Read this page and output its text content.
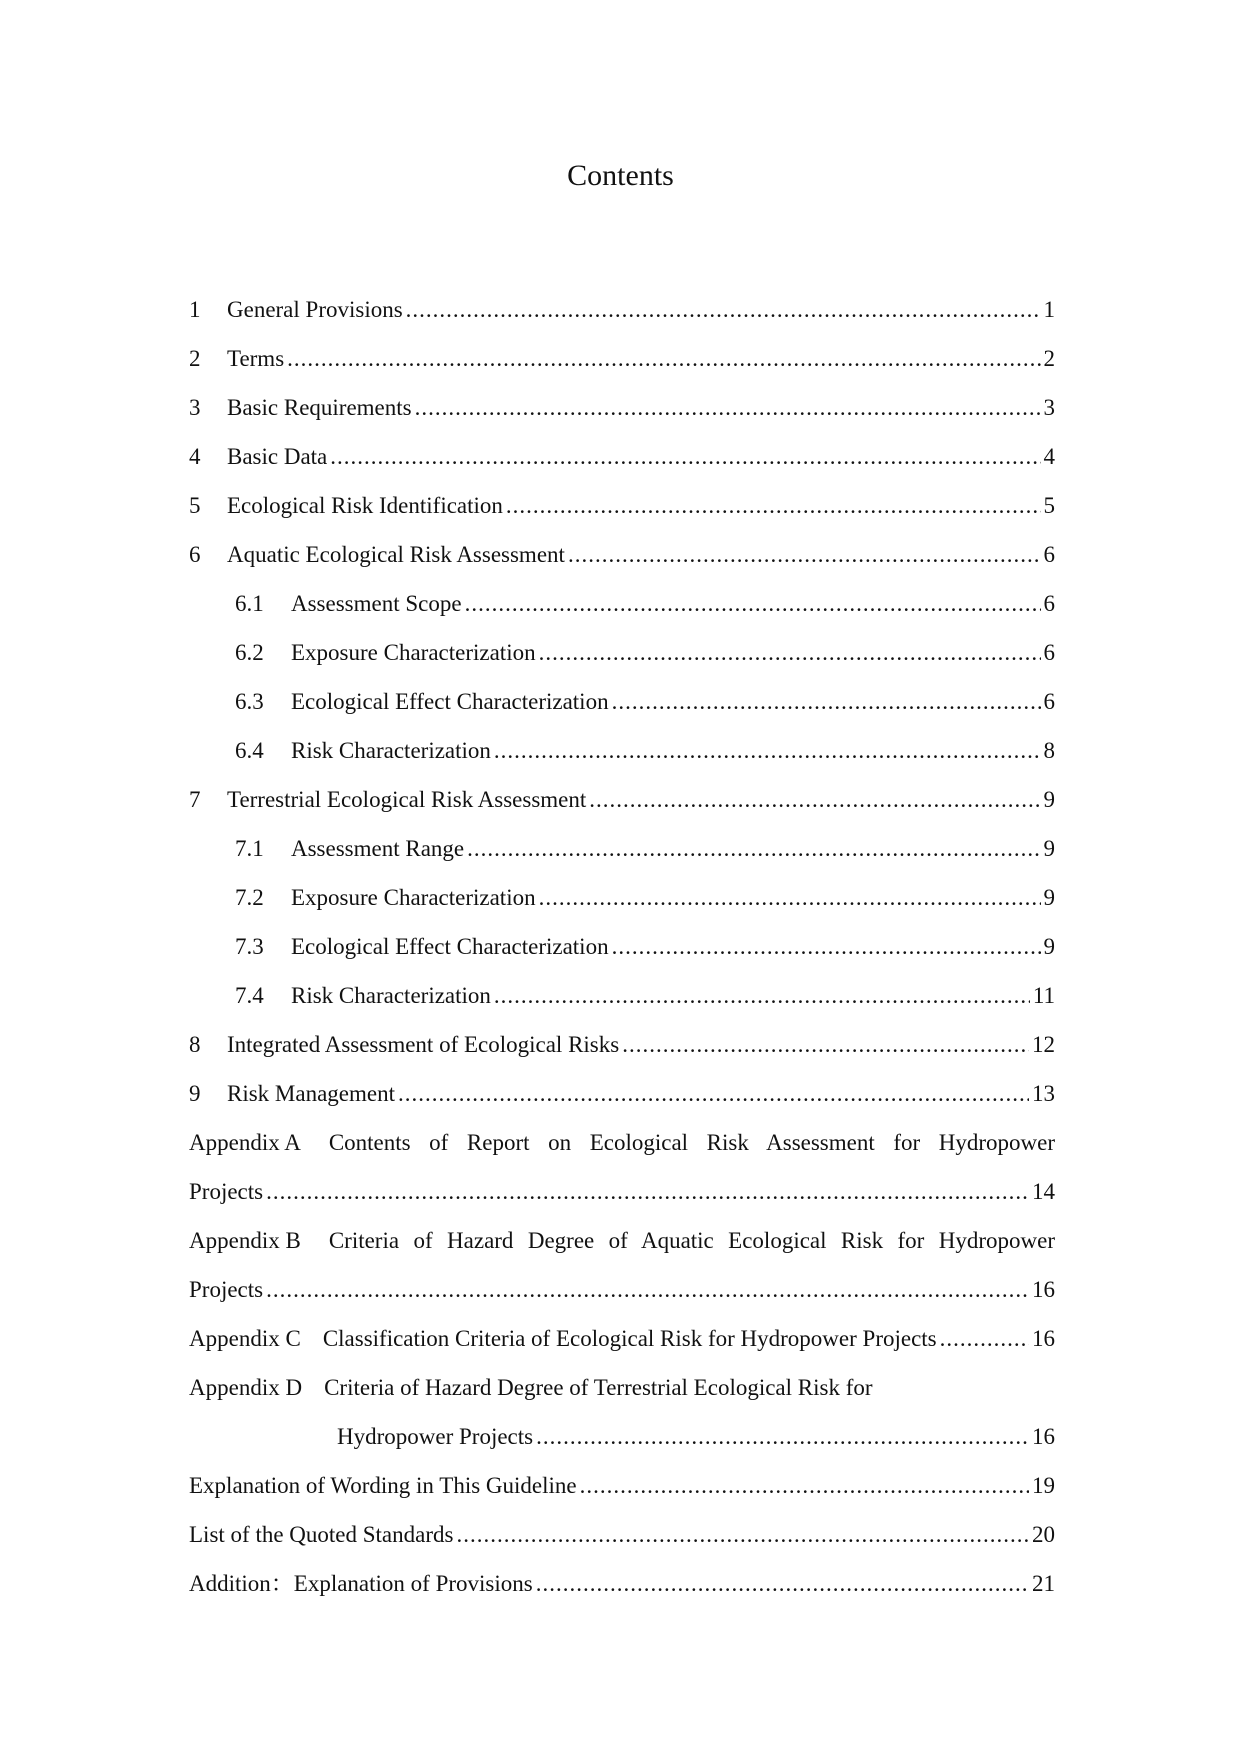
Contents
1	General Provisions .....	1
2	Terms .....	2
3	Basic Requirements .....	3
4	Basic Data .....	4
5	Ecological Risk Identification .....	5
6	Aquatic Ecological Risk Assessment .....	6
6.1	Assessment Scope .....	6
6.2	Exposure Characterization .....	6
6.3	Ecological Effect Characterization .....	6
6.4	Risk Characterization .....	8
7	Terrestrial Ecological Risk Assessment .....	9
7.1	Assessment Range .....	9
7.2	Exposure Characterization .....	9
7.3	Ecological Effect Characterization .....	9
7.4	Risk Characterization .....	11
8	Integrated Assessment of Ecological Risks .....	12
9	Risk Management .....	13
Appendix A Contents of Report on Ecological Risk Assessment for Hydropower
Projects .....	14
Appendix B Criteria of Hazard Degree of Aquatic Ecological Risk for Hydropower
Projects .....	16
Appendix C Classification Criteria of Ecological Risk for Hydropower Projects .....	16
Appendix D Criteria of Hazard Degree of Terrestrial Ecological Risk for
Hydropower Projects .....	16
Explanation of Wording in This Guideline .....	19
List of the Quoted Standards .....	20
Addition：Explanation of Provisions .....	21
